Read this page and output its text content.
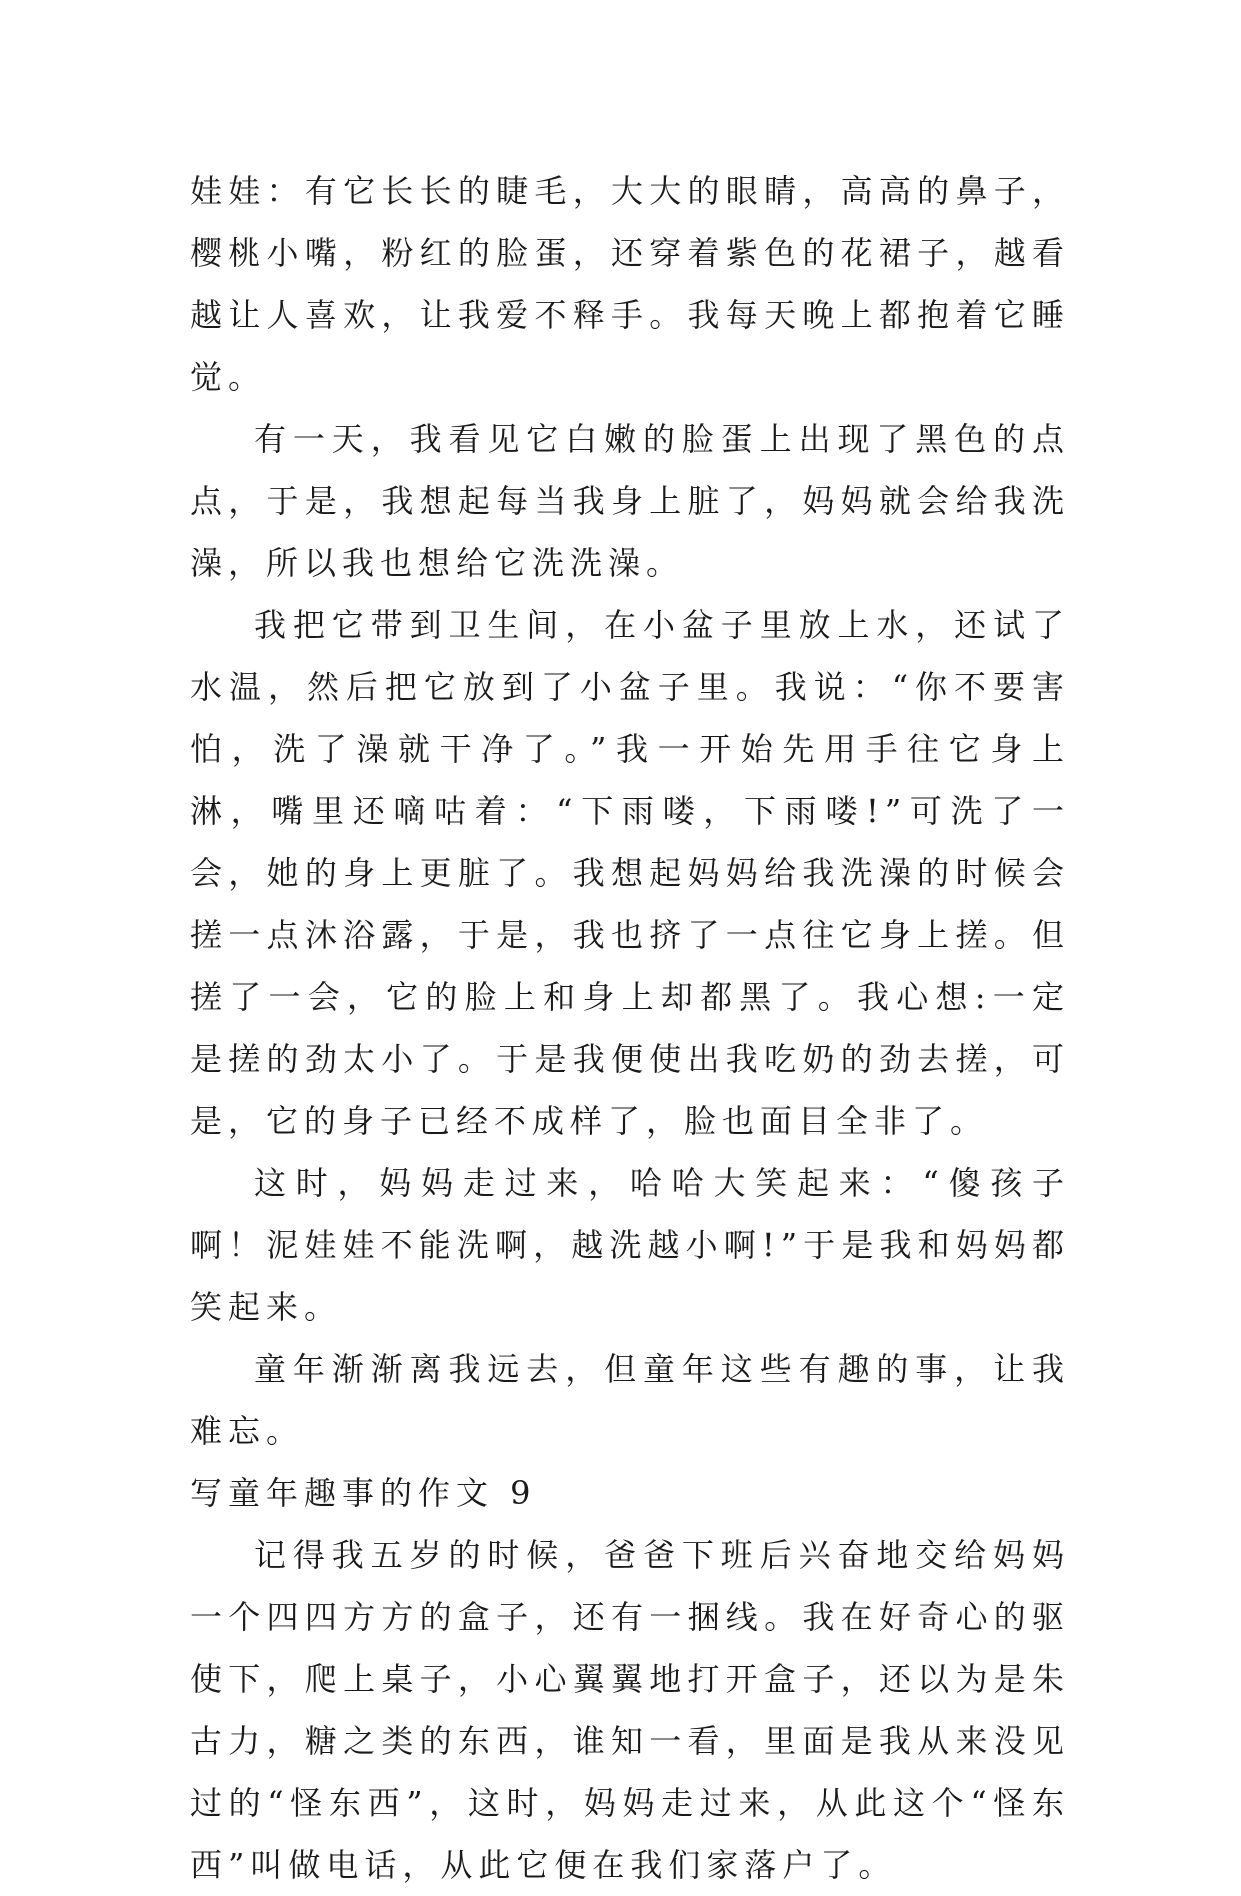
娃娃：有它长长的睫毛，大大的眼睛，高高的鼻子，樱桃小嘴，粉红的脸蛋，还穿着紫色的花裙子，越看越让人喜欢，让我爱不释手。我每天晚上都抱着它睡觉。

有一天，我看见它白嫩的脸蛋上出现了黑色的点点，于是，我想起每当我身上脏了，妈妈就会给我洗澡，所以我也想给它洗洗澡。

我把它带到卫生间，在小盆子里放上水，还试了水温，然后把它放到了小盆子里。我说：“你不要害怕，洗了澡就干净了。”我一开始先用手往它身上淋，嘴里还嘀咕着：“下雨喽，下雨喽!”可洗了一会，她的身上更脏了。我想起妈妈给我洗澡的时候会搓一点沐浴露，于是，我也挤了一点往它身上搓。但搓了一会，它的脸上和身上却都黑了。我心想:一定是搓的劲太小了。于是我便使出我吃奶的劲去搓，可是，它的身子已经不成样了，脸也面目全非了。

这时，妈妈走过来，哈哈大笑起来：“傻孩子啊！泥娃娃不能洗啊，越洗越小啊!”于是我和妈妈都笑起来。

童年渐渐离我远去，但童年这些有趣的事，让我难忘。

写童年趣事的作文 9

记得我五岁的时候，爸爸下班后兴奋地交给妈妈一个四四方方的盒子，还有一捆线。我在好奇心的驱使下，爬上桌子，小心翼翼地打开盒子，还以为是朱古力，糖之类的东西，谁知一看，里面是我从来没见过的“怪东西”，这时，妈妈走过来，从此这个“怪东西”叫做电话，从此它便在我们家落户了。
